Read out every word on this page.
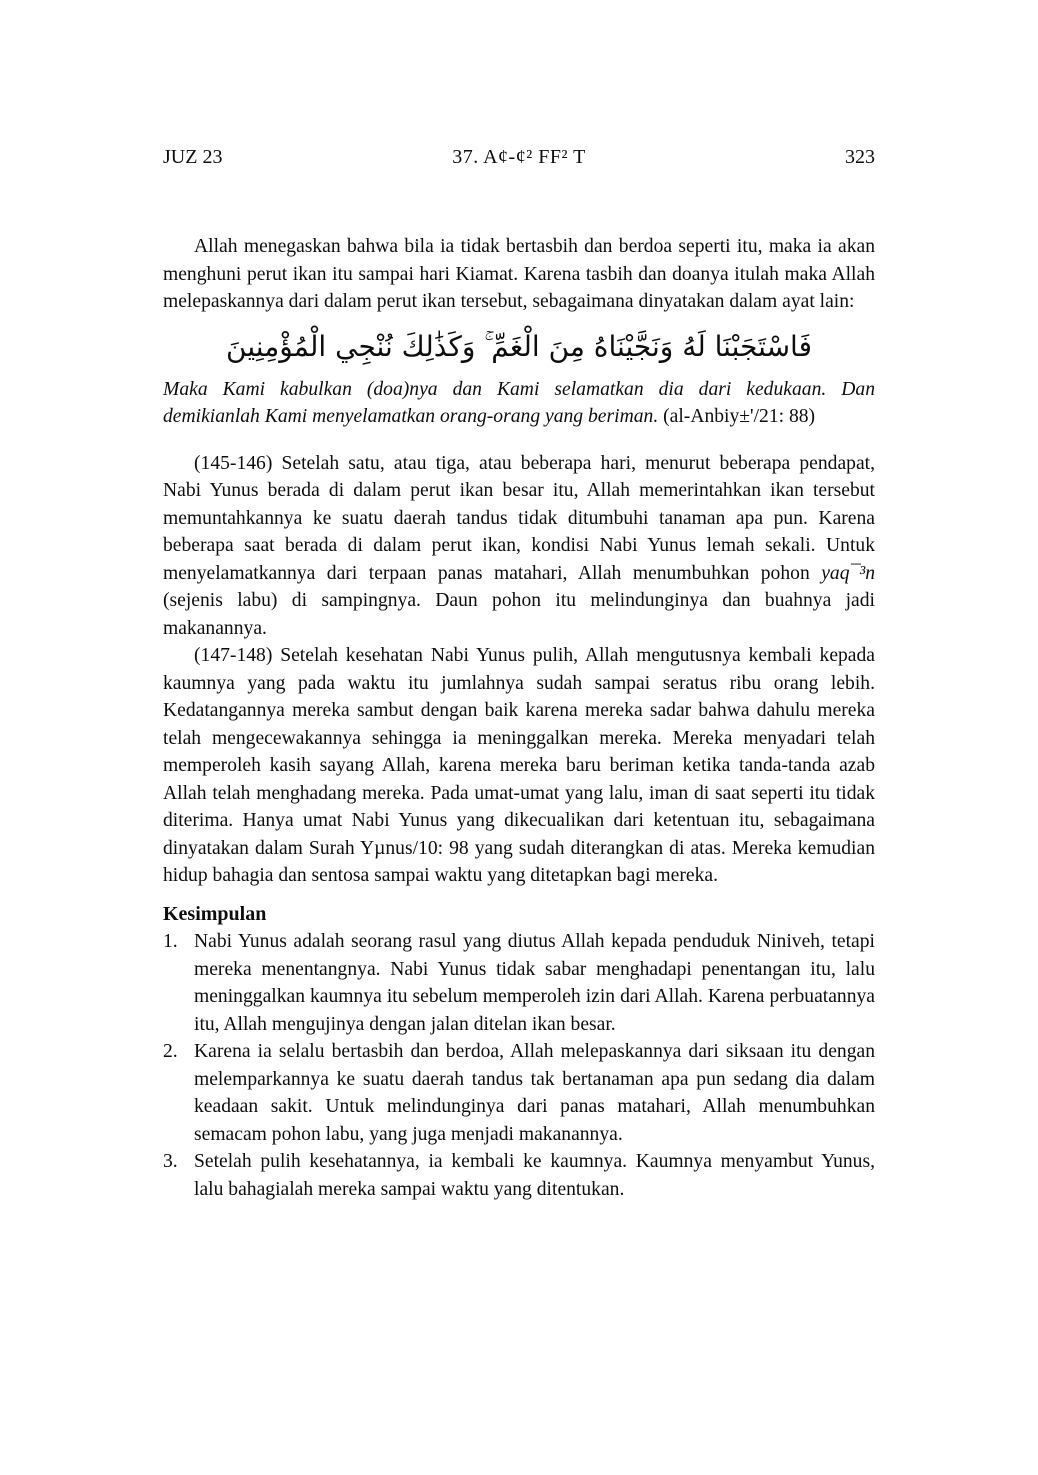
JUZ 23	37. A¢-¢² FF² T	323

Allah menegaskan bahwa bila ia tidak bertasbih dan berdoa seperti itu, maka ia akan menghuni perut ikan itu sampai hari Kiamat. Karena tasbih dan doanya itulah maka Allah melepaskannya dari dalam perut ikan tersebut, sebagaimana dinyatakan dalam ayat lain:

فَاسْتَجَبْنَا لَهُ وَنَجَّيْنَاهُ مِنَ الْغَمِّ ۚ وَكَذَٰلِكَ نُنْجِي الْمُؤْمِنِينَ

Maka Kami kabulkan (doa)nya dan Kami selamatkan dia dari kedukaan. Dan demikianlah Kami menyelamatkan orang-orang yang beriman. (al-Anbiy±'/21: 88)

(145-146) Setelah satu, atau tiga, atau beberapa hari, menurut beberapa pendapat, Nabi Yunus berada di dalam perut ikan besar itu, Allah memerintahkan ikan tersebut memuntahkannya ke suatu daerah tandus tidak ditumbuhi tanaman apa pun. Karena beberapa saat berada di dalam perut ikan, kondisi Nabi Yunus lemah sekali. Untuk menyelamatkannya dari terpaan panas matahari, Allah menumbuhkan pohon yaq¯³n (sejenis labu) di sampingnya. Daun pohon itu melindunginya dan buahnya jadi makanannya.

(147-148) Setelah kesehatan Nabi Yunus pulih, Allah mengutusnya kembali kepada kaumnya yang pada waktu itu jumlahnya sudah sampai seratus ribu orang lebih. Kedatangannya mereka sambut dengan baik karena mereka sadar bahwa dahulu mereka telah mengecewakannya sehingga ia meninggalkan mereka. Mereka menyadari telah memperoleh kasih sayang Allah, karena mereka baru beriman ketika tanda-tanda azab Allah telah menghadang mereka. Pada umat-umat yang lalu, iman di saat seperti itu tidak diterima. Hanya umat Nabi Yunus yang dikecualikan dari ketentuan itu, sebagaimana dinyatakan dalam Surah Yµnus/10: 98 yang sudah diterangkan di atas. Mereka kemudian hidup bahagia dan sentosa sampai waktu yang ditetapkan bagi mereka.

Kesimpulan
1. Nabi Yunus adalah seorang rasul yang diutus Allah kepada penduduk Niniveh, tetapi mereka menentangnya. Nabi Yunus tidak sabar menghadapi penentangan itu, lalu meninggalkan kaumnya itu sebelum memperoleh izin dari Allah. Karena perbuatannya itu, Allah mengujinya dengan jalan ditelan ikan besar.

2. Karena ia selalu bertasbih dan berdoa, Allah melepaskannya dari siksaan itu dengan melemparkannya ke suatu daerah tandus tak bertanaman apa pun sedang dia dalam keadaan sakit. Untuk melindunginya dari panas matahari, Allah menumbuhkan semacam pohon labu, yang juga menjadi makanannya.

3. Setelah pulih kesehatannya, ia kembali ke kaumnya. Kaumnya menyambut Yunus, lalu bahagialah mereka sampai waktu yang ditentukan.
